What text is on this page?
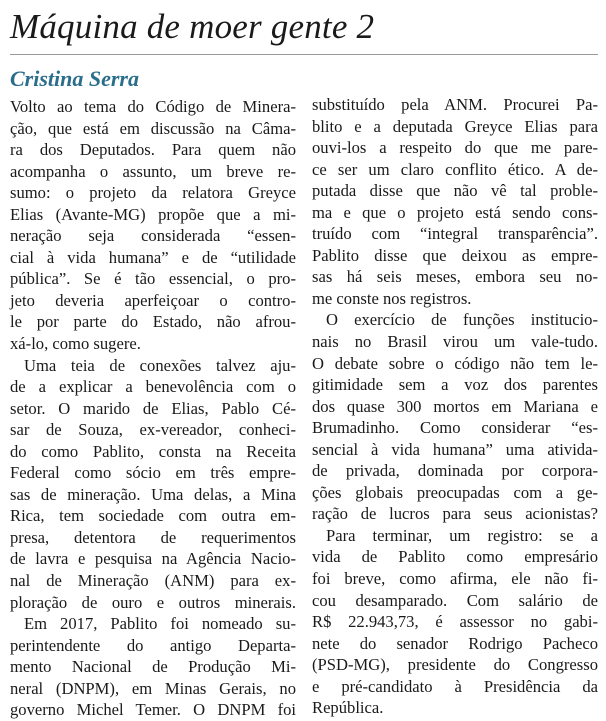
Máquina de moer gente 2
Cristina Serra
Volto ao tema do Código de Minera-
ção, que está em discussão na Câma-
ra dos Deputados. Para quem não
acompanha o assunto, um breve re-
sumo: o projeto da relatora Greyce
Elias (Avante-MG) propõe que a mi-
neração seja considerada “essen-
cial à vida humana” e de “utilidade
pública”. Se é tão essencial, o pro-
jeto deveria aperfeiçoar o contro-
le por parte do Estado, não afrou-
xá-lo, como sugere.
Uma teia de conexões talvez aju-
de a explicar a benevolência com o
setor. O marido de Elias, Pablo Cé-
sar de Souza, ex-vereador, conheci-
do como Pablito, consta na Receita
Federal como sócio em três empre-
sas de mineração. Uma delas, a Mina
Rica, tem sociedade com outra em-
presa, detentora de requerimentos
de lavra e pesquisa na Agência Nacio-
nal de Mineração (ANM) para ex-
ploração de ouro e outros minerais.
Em 2017, Pablito foi nomeado su-
perintendente do antigo Departa-
mento Nacional de Produção Mi-
neral (DNPM), em Minas Gerais, no
governo Michel Temer. O DNPM foi
substituído pela ANM. Procurei Pa-
blito e a deputada Greyce Elias para
ouvi-los a respeito do que me pare-
ce ser um claro conflito ético. A de-
putada disse que não vê tal proble-
ma e que o projeto está sendo cons-
truído com “integral transparência”.
Pablito disse que deixou as empre-
sas há seis meses, embora seu no-
me conste nos registros.
O exercício de funções institucio-
nais no Brasil virou um vale-tudo.
O debate sobre o código não tem le-
gitimidade sem a voz dos parentes
dos quase 300 mortos em Mariana e
Brumadinho. Como considerar “es-
sencial à vida humana” uma ativida-
de privada, dominada por corpora-
ções globais preocupadas com a ge-
ração de lucros para seus acionistas?
Para terminar, um registro: se a
vida de Pablito como empresário
foi breve, como afirma, ele não fi-
cou desamparado. Com salário de
R$ 22.943,73, é assessor no gabi-
nete do senador Rodrigo Pacheco
(PSD-MG), presidente do Congresso
e pré-candidato à Presidência da
República.
